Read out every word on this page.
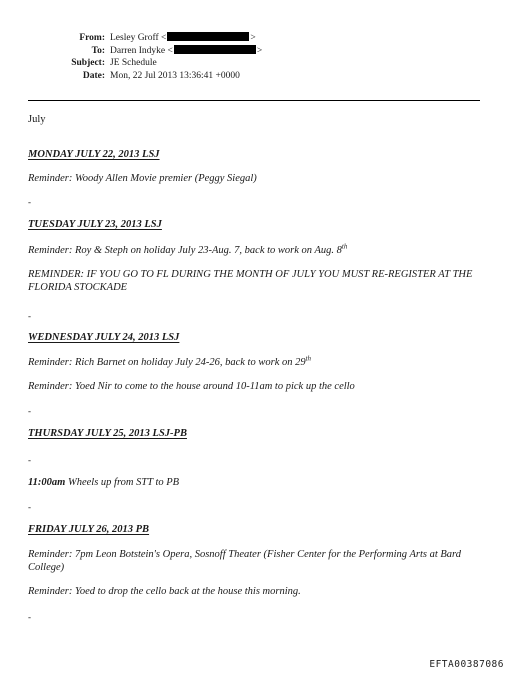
From: Lesley Groff <	>
To: Darren Indyke <	>
Subject: JE Schedule
Date: Mon, 22 Jul 2013 13:36:41 +0000
July
MONDAY JULY 22, 2013 LSJ
Reminder: Woody Allen Movie premier (Peggy Siegal)
-
TUESDAY JULY 23, 2013 LSJ
Reminder: Roy & Steph on holiday July 23-Aug. 7, back to work on Aug. 8th
REMINDER: IF YOU GO TO FL DURING THE MONTH OF JULY YOU MUST RE-REGISTER AT THE FLORIDA STOCKADE
-
WEDNESDAY JULY 24, 2013 LSJ
Reminder: Rich Barnet on holiday July 24-26, back to work on 29th
Reminder: Yoed Nir to come to the house around 10-11am to pick up the cello
-
THURSDAY JULY 25, 2013 LSJ-PB
-
11:00am Wheels up from STT to PB
-
FRIDAY JULY 26, 2013 PB
Reminder: 7pm Leon Botstein's Opera, Sosnoff Theater (Fisher Center for the Performing Arts at Bard College)
Reminder: Yoed to drop the cello back at the house this morning.
-
EFTA00387086
